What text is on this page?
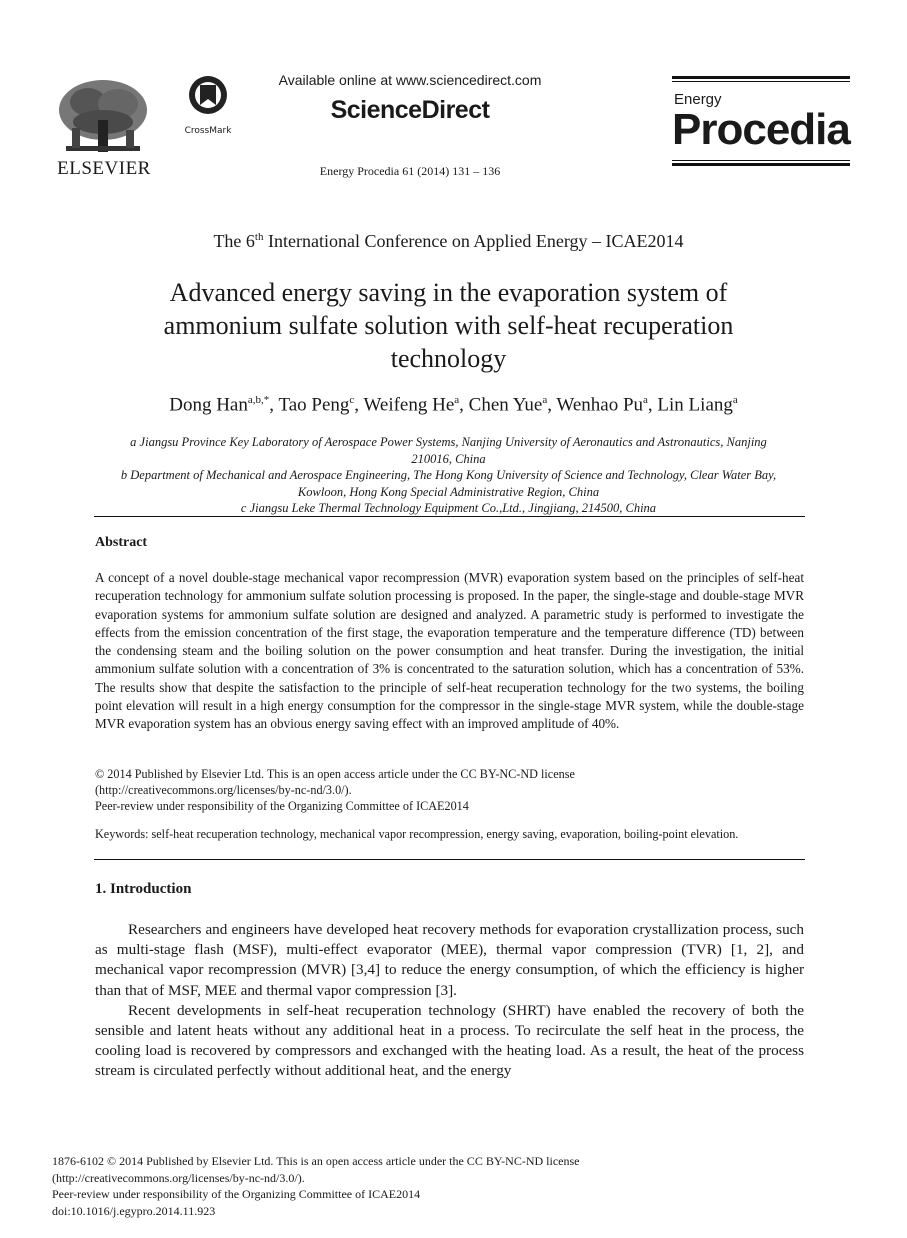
ELSEVIER
CrossMark
Available online at www.sciencedirect.com
ScienceDirect
Energy Procedia 61 (2014) 131 – 136
Energy
Procedia
The 6th International Conference on Applied Energy – ICAE2014
Advanced energy saving in the evaporation system of
ammonium sulfate solution with self-heat recuperation
technology
Dong Han$^{a,b,*}$, Tao Peng$^c$, Weifeng He$^a$, Chen Yue$^a$, Wenhao Pu$^a$, Lin Liang$^a$
a Jiangsu Province Key Laboratory of Aerospace Power Systems, Nanjing University of Aeronautics and Astronautics, Nanjing
210016, China
b Department of Mechanical and Aerospace Engineering, The Hong Kong University of Science and Technology, Clear Water Bay,
Kowloon, Hong Kong Special Administrative Region, China
c Jiangsu Leke Thermal Technology Equipment Co.,Ltd., Jingjiang, 214500, China
Abstract
A concept of a novel double-stage mechanical vapor recompression (MVR) evaporation system based on the principles of self-heat recuperation technology for ammonium sulfate solution processing is proposed. In the paper, the single-stage and double-stage MVR evaporation systems for ammonium sulfate solution are designed and analyzed. A parametric study is performed to investigate the effects from the emission concentration of the first stage, the evaporation temperature and the temperature difference (TD) between the condensing steam and the boiling solution on the power consumption and heat transfer. During the investigation, the initial ammonium sulfate solution with a concentration of 3% is concentrated to the saturation solution, which has a concentration of 53%. The results show that despite the satisfaction to the principle of self-heat recuperation technology for the two systems, the boiling point elevation will result in a high energy consumption for the compressor in the single-stage MVR system, while the double-stage MVR evaporation system has an obvious energy saving effect with an improved amplitude of 40%.
© 2014 Published by Elsevier Ltd. This is an open access article under the CC BY-NC-ND license
(http://creativecommons.org/licenses/by-nc-nd/3.0/).
Peer-review under responsibility of the Organizing Committee of ICAE2014
Keywords: self-heat recuperation technology, mechanical vapor recompression, energy saving, evaporation, boiling-point elevation.
1. Introduction

Researchers and engineers have developed heat recovery methods for evaporation crystallization process, such as multi-stage flash (MSF), multi-effect evaporator (MEE), thermal vapor compression (TVR) [1, 2], and mechanical vapor recompression (MVR) [3,4] to reduce the energy consumption, of which the efficiency is higher than that of MSF, MEE and thermal vapor compression [3].

Recent developments in self-heat recuperation technology (SHRT) have enabled the recovery of both the sensible and latent heats without any additional heat in a process. To recirculate the self heat in the process, the cooling load is recovered by compressors and exchanged with the heating load. As a result, the heat of the process stream is circulated perfectly without additional heat, and the energy

1876-6102 © 2014 Published by Elsevier Ltd. This is an open access article under the CC BY-NC-ND license
(http://creativecommons.org/licenses/by-nc-nd/3.0/).
Peer-review under responsibility of the Organizing Committee of ICAE2014
doi:10.1016/j.egypro.2014.11.923
